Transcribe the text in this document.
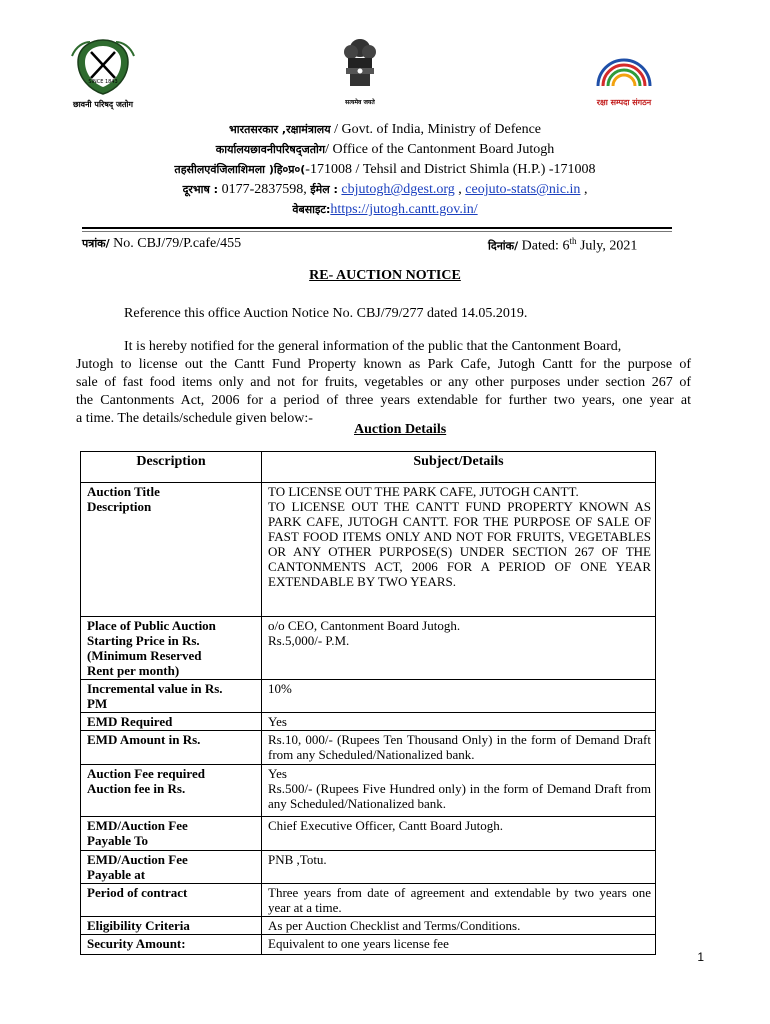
SINCE 1843
छावनी परिषद् जतोग	सत्यमेव जयते	रक्षा सम्पदा संगठन
भारतसरकार ,रक्षामंत्रालय / Govt. of India, Ministry of Defence
कार्यालयछावनीपरिषद्जतोग/ Office of the Cantonment Board Jutogh
तहसीलएवंजिलाशिमला )हि०प्र०(-171008 / Tehsil and District Shimla (H.P.) -171008
दूरभाष : 0177-2837598, ईमेल : cbjutogh@dgest.org , ceojuto-stats@nic.in ,
वेबसाइट:https://jutogh.cantt.gov.in/
पत्रांक/ No. CBJ/79/P.cafe/455	दिनांक/ Dated: 6th July, 2021
RE- AUCTION NOTICE
Reference this office Auction Notice No. CBJ/79/277 dated 14.05.2019.
It is hereby notified for the general information of the public that the Cantonment Board,
Jutogh to license out the Cantt Fund Property known as Park Cafe, Jutogh Cantt for the purpose of
sale of fast food items only and not for fruits, vegetables or any other purposes under section 267 of
the Cantonments Act, 2006 for a period of three years extendable for further two years, one year at
a time. The details/schedule given below:-
Auction Details
Description	Subject/Details
Auction Title
Description	TO LICENSE OUT THE PARK CAFE, JUTOGH CANTT.
TO LICENSE OUT THE CANTT FUND PROPERTY KNOWN AS PARK CAFE, JUTOGH CANTT. FOR THE PURPOSE OF SALE OF FAST FOOD ITEMS ONLY AND NOT FOR FRUITS, VEGETABLES OR ANY OTHER PURPOSE(S) UNDER SECTION 267 OF THE CANTONMENTS ACT, 2006 FOR A PERIOD OF ONE YEAR EXTENDABLE BY TWO YEARS.
Place of Public Auction
Starting Price in Rs.
(Minimum Reserved
Rent per month)	o/o CEO, Cantonment Board Jutogh.
Rs.5,000/- P.M.
Incremental value in Rs.
PM	10%
EMD Required	Yes
EMD Amount in Rs.	Rs.10, 000/- (Rupees Ten Thousand Only) in the form of Demand Draft from any Scheduled/Nationalized bank.
Auction Fee required
Auction fee in Rs.	Yes
Rs.500/- (Rupees Five Hundred only) in the form of Demand Draft from any Scheduled/Nationalized bank.
EMD/Auction Fee
Payable To	Chief Executive Officer, Cantt Board Jutogh.
EMD/Auction Fee
Payable at	PNB ,Totu.
Period of contract	Three years from date of agreement and extendable by two years one year at a time.
Eligibility Criteria	As per Auction Checklist and Terms/Conditions.
Security Amount:	Equivalent to one years license fee
1
